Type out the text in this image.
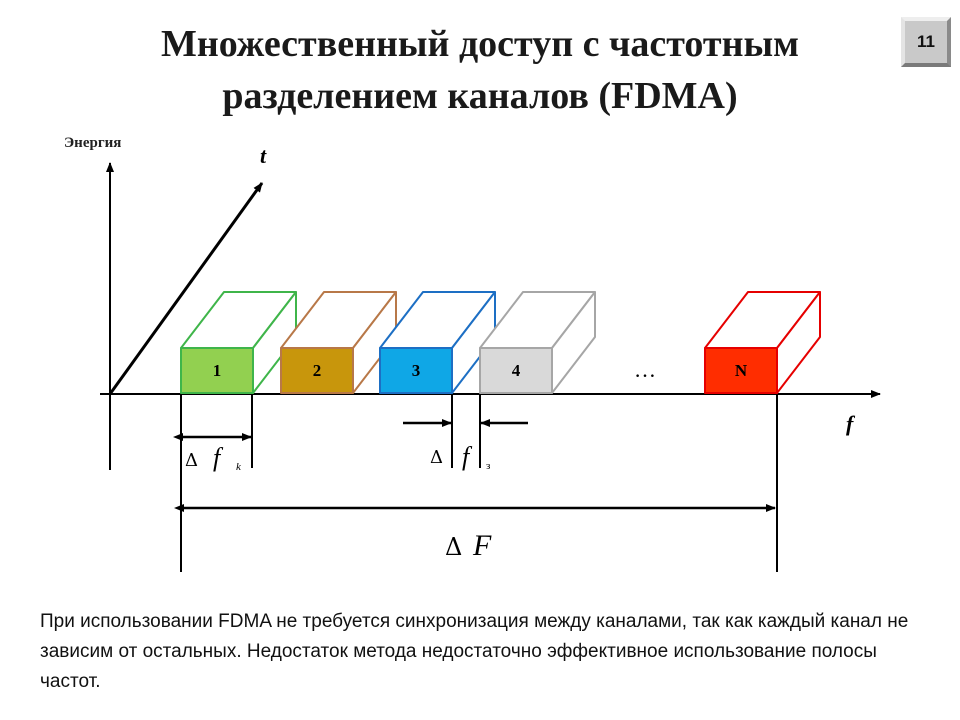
Множественный доступ с частотным
разделением каналов (FDMA)
11
Энергия	t
f
1	2	3	4	N
…
Δ f	k	Δ f	з
Δ F

При использовании FDMA не требуется синхронизация между каналами, так как каждый канал не зависим от остальных. Недостаток метода недостаточно эффективное использование полосы частот.
